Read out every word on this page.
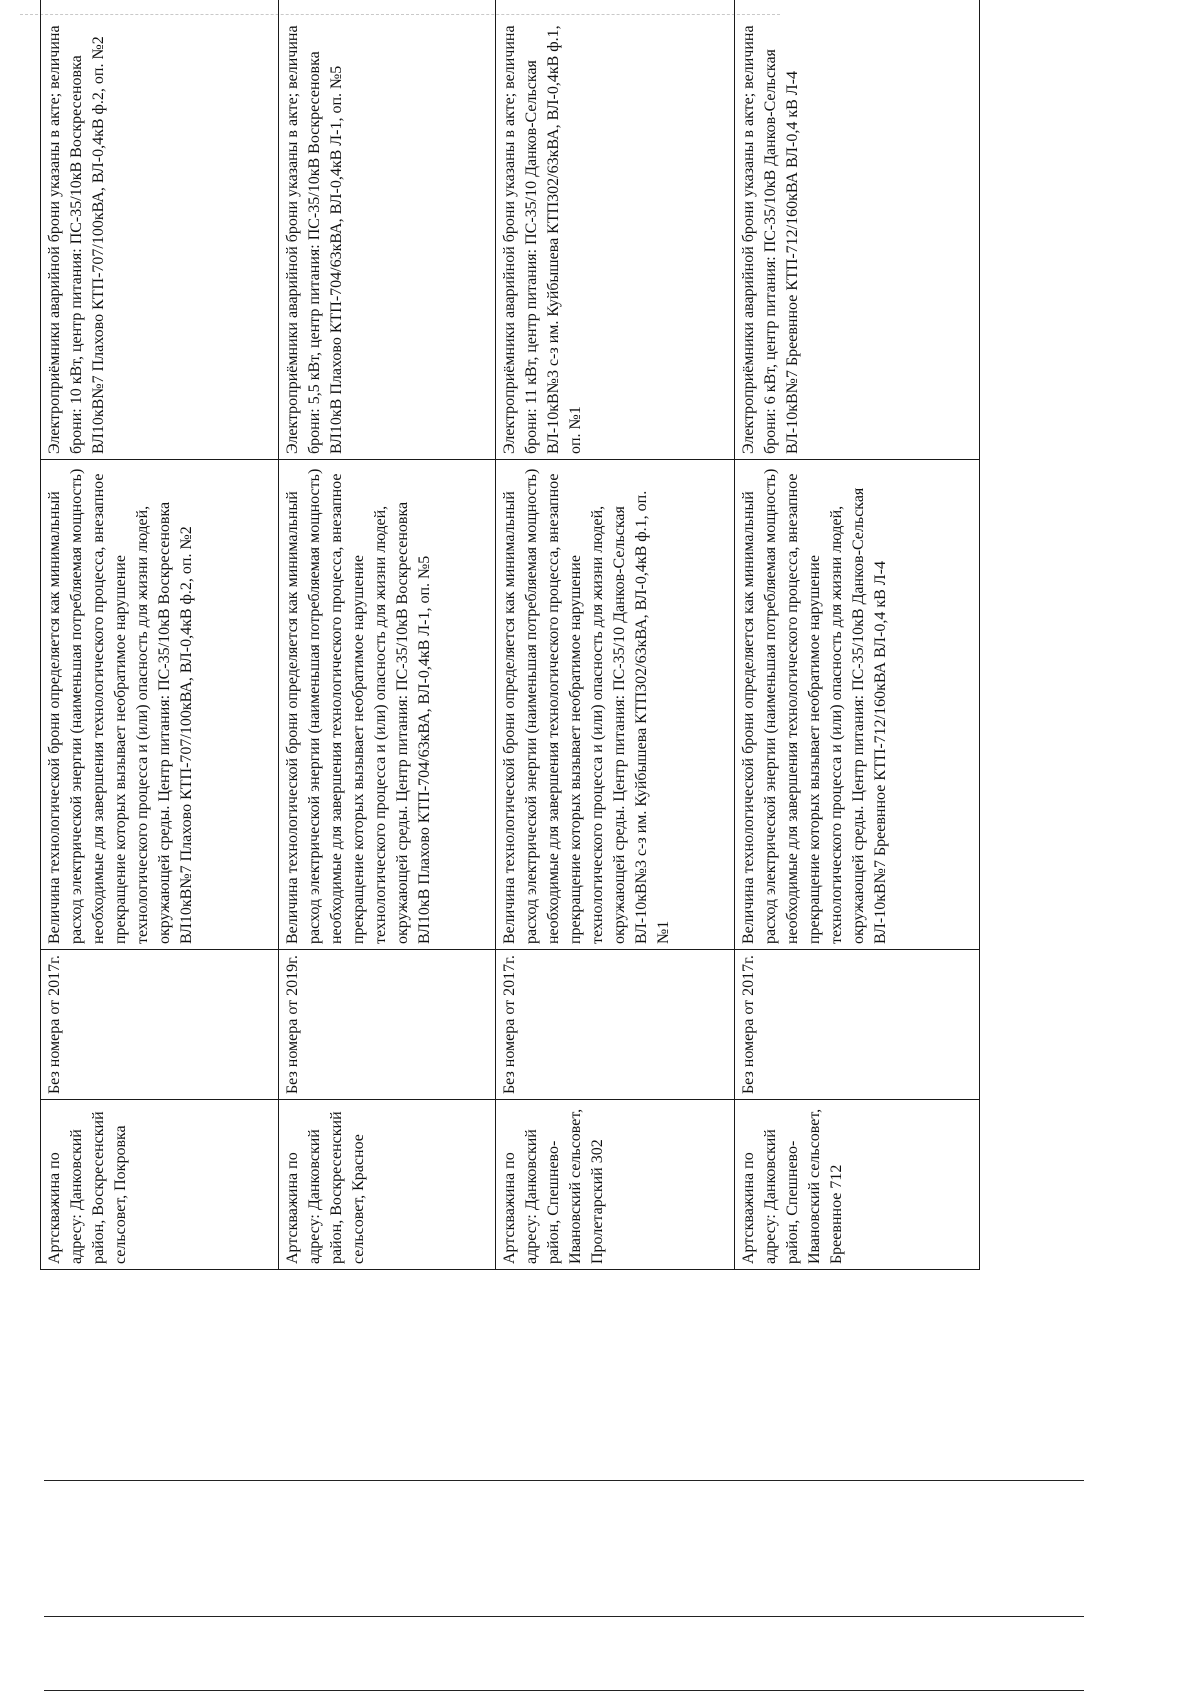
Артскважина по адресу: Данковский район, Воскресенский сельсовет, Покровка	Без номера от 2017г.	Величина технологической брони определяется как минимальный расход электрической энергии (наименьшая потребляемая мощность) необходимые для завершения технологического процесса, внезапное прекращение которых вызывает необратимое нарушение технологического процесса и (или) опасность для жизни людей, окружающей среды. Центр питания: ПС-35/10кВ Воскресеновка ВЛ10кВ№7 Плахово КТП-707/100кВА, ВЛ-0,4кВ ф.2, оп. №2	Электроприёмники аварийной брони указаны в акте; величина брони: 10 кВт, центр питания: ПС-35/10кВ Воскресеновка ВЛ10кВ№7 Плахово КТП-707/100кВА, ВЛ-0,4кВ ф.2, оп. №2
Артскважина по адресу: Данковский район, Воскресенский сельсовет, Красное	Без номера от 2019г.	Величина технологической брони определяется как минимальный расход электрической энергии (наименьшая потребляемая мощность) необходимые для завершения технологического процесса, внезапное прекращение которых вызывает необратимое нарушение технологического процесса и (или) опасность для жизни людей, окружающей среды. Центр питания: ПС-35/10кВ Воскресеновка ВЛ10кВ Плахово КТП-704/63кВА, ВЛ-0,4кВ Л-1, оп. №5	Электроприёмники аварийной брони указаны в акте; величина брони: 5,5 кВт, центр питания: ПС-35/10кВ Воскресеновка ВЛ10кВ Плахово КТП-704/63кВА, ВЛ-0,4кВ Л-1, оп. №5
Артскважина по адресу: Данковский район, Спешнево-Ивановский сельсовет, Пролетарский 302	Без номера от 2017г.	Величина технологической брони определяется как минимальный расход электрической энергии (наименьшая потребляемая мощность) необходимые для завершения технологического процесса, внезапное прекращение которых вызывает необратимое нарушение технологического процесса и (или) опасность для жизни людей, окружающей среды. Центр питания: ПС-35/10 Данков-Сельская ВЛ-10кВ№3 с-з им. Куйбышева КТП302/63кВА, ВЛ-0,4кВ ф.1, оп. №1	Электроприёмники аварийной брони указаны в акте; величина брони: 11 кВт, центр питания: ПС-35/10 Данков-Сельская ВЛ-10кВ№3 с-з им. Куйбышева КТП302/63кВА, ВЛ-0,4кВ ф.1, оп. №1
Артскважина по адресу: Данковский район, Спешнево-Ивановский сельсовет, Бреевнное 712	Без номера от 2017г.	Величина технологической брони определяется как минимальный расход электрической энергии (наименьшая потребляемая мощность) необходимые для завершения технологического процесса, внезапное прекращение которых вызывает необратимое нарушение технологического процесса и (или) опасность для жизни людей, окружающей среды. Центр питания: ПС-35/10кВ Данков-Сельская ВЛ-10кВ№7 Бреевнное КТП-712/160кВА ВЛ-0,4 кВ Л-4	Электроприёмники аварийной брони указаны в акте; величина брони: 6 кВт, центр питания: ПС-35/10кВ Данков-Сельская ВЛ-10кВ№7 Бреевнное КТП-712/160кВА ВЛ-0,4 кВ Л-4
